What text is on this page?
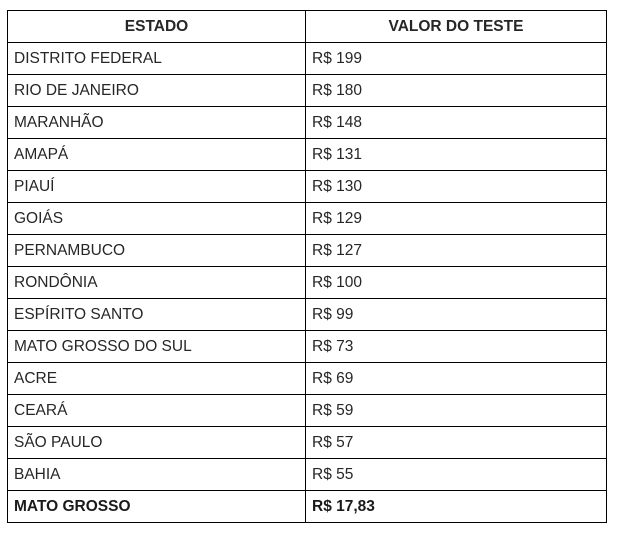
ESTADO	VALOR DO TESTE
DISTRITO FEDERAL	R$ 199
RIO DE JANEIRO	R$ 180
MARANHÃO	R$ 148
AMAPÁ	R$ 131
PIAUÍ	R$ 130
GOIÁS	R$ 129
PERNAMBUCO	R$ 127
RONDÔNIA	R$ 100
ESPÍRITO SANTO	R$ 99
MATO GROSSO DO SUL	R$ 73
ACRE	R$ 69
CEARÁ	R$ 59
SÃO PAULO	R$ 57
BAHIA	R$ 55
MATO GROSSO	R$ 17,83
